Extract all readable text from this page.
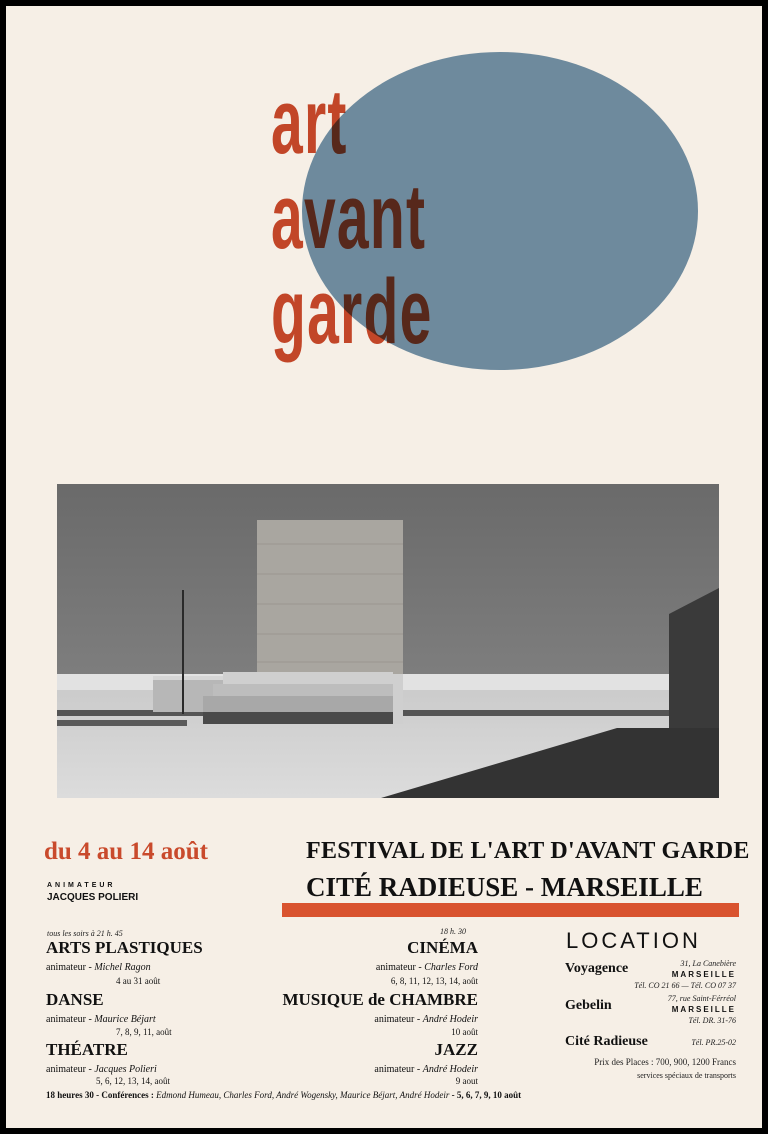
art
avant
garde
du 4 au 14 août	FESTIVAL DE L'ART D'AVANT GARDE
CITÉ RADIEUSE - MARSEILLE
ANIMATEUR
JACQUES POLIERI
tous les soirs à 21 h. 45	18 h. 30
ARTS PLASTIQUES
animateur - Michel Ragon
4 au 31 août
DANSE
animateur - Maurice Béjart
7, 8, 9, 11, août
THÉATRE
animateur - Jacques Polieri
5, 6, 12, 13, 14, août
CINÉMA
animateur - Charles Ford
6, 8, 11, 12, 13, 14, août
MUSIQUE de CHAMBRE
animateur - André Hodeir
10 août
JAZZ
animateur - André Hodeir
9 aout
LOCATION
Voyagence	31, La Canebière
MARSEILLE
Tél. CO 21 66 — Tél. CO 07 37
Gebelin	77, rue Saint-Férréol
MARSEILLE
Tél. DR. 31-76
Cité Radieuse	Tél. PR.25-02
Prix des Places : 700, 900, 1200 Francs
services spéciaux de transports
18 heures 30 - Conférences : Edmond Humeau, Charles Ford, André Wogensky, Maurice Béjart, André Hodeir - 5, 6, 7, 9, 10 août
